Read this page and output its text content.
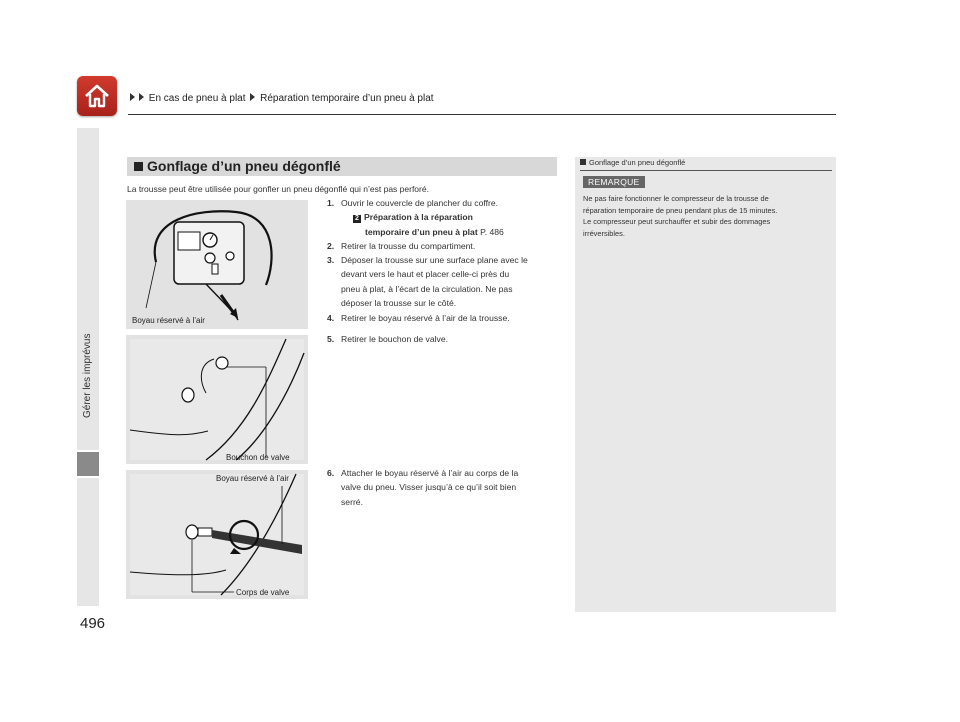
En cas de pneu à plat Réparation temporaire d’un pneu à plat
Gérer les imprévus
496
Gonflage d’un pneu dégonflé
La trousse peut être utilisée pour gonfler un pneu dégonflé qui n’est pas perforé.
Boyau réservé à l’air
Bouchon de valve
Boyau réservé à l’air
Corps de valve
1. Ouvrir le couvercle de plancher du coffre.
2 Préparation à la réparation
temporaire d’un pneu à plat P. 486
2. Retirer la trousse du compartiment.
3. Déposer la trousse sur une surface plane avec le
devant vers le haut et placer celle-ci près du
pneu à plat, à l’écart de la circulation. Ne pas
déposer la trousse sur le côté.
4. Retirer le boyau réservé à l’air de la trousse.
5. Retirer le bouchon de valve.
6. Attacher le boyau réservé à l’air au corps de la
valve du pneu. Visser jusqu’à ce qu’il soit bien
serré.
Gonflage d’un pneu dégonflé
REMARQUE
Ne pas faire fonctionner le compresseur de la trousse de
réparation temporaire de pneu pendant plus de 15 minutes.
Le compresseur peut surchauffer et subir des dommages
irréversibles.
